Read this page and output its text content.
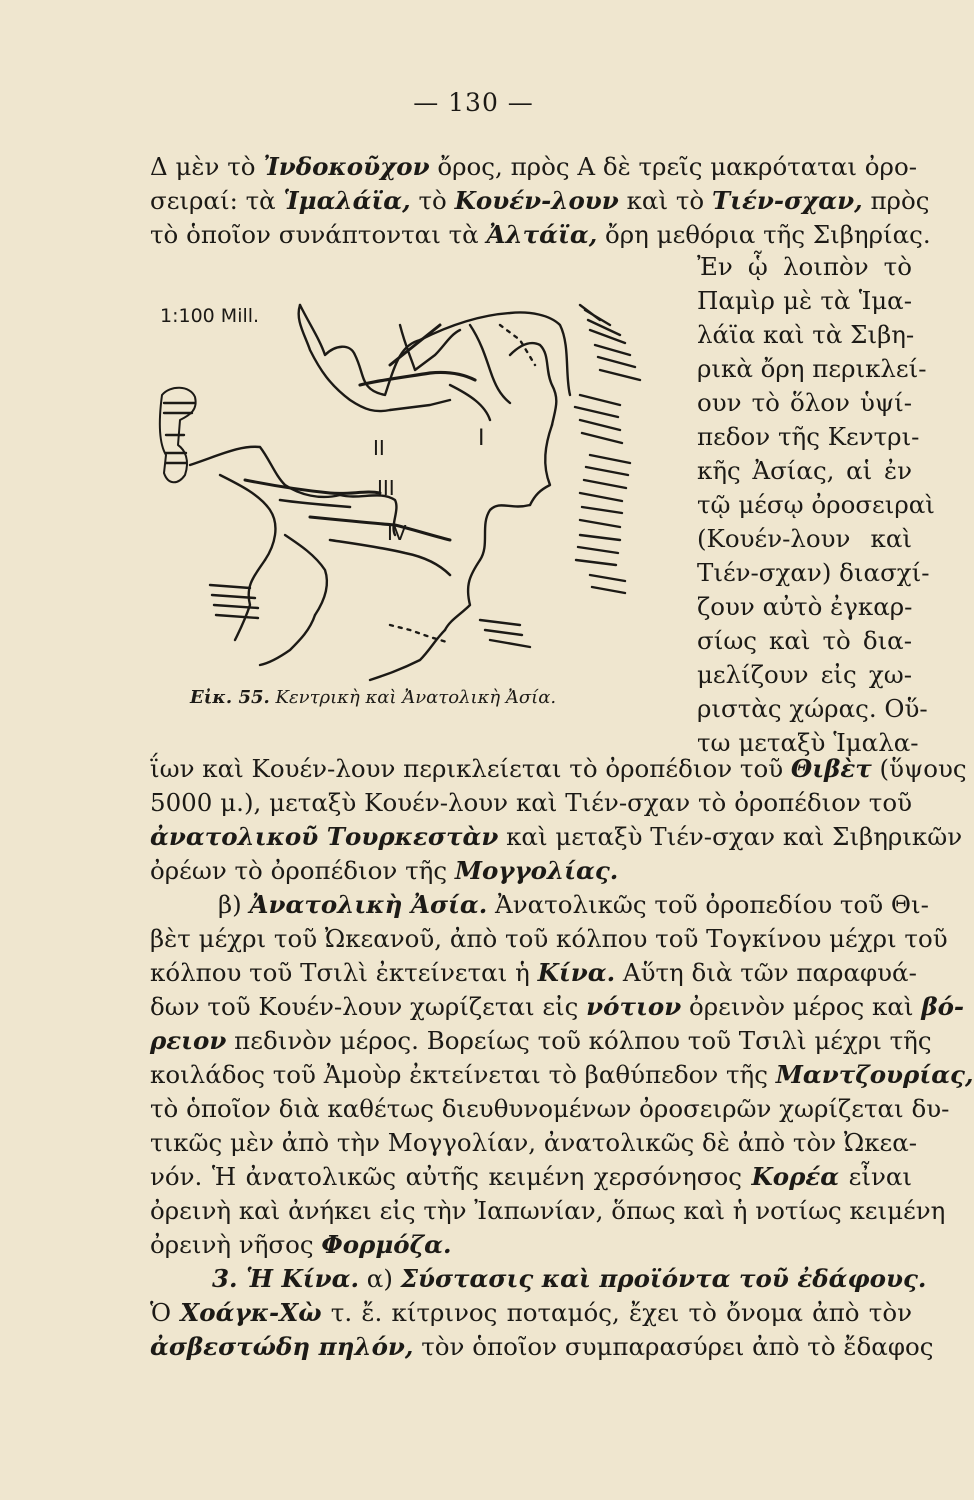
— 130 —
Δ μὲν τὸ Ἰνδοκοῦχον ὄρος, πρὸς Α δὲ τρεῖς μακρόταται ὀρο-
σειραί: τὰ Ἱμαλάϊα, τὸ Κουέν-λουν καὶ τὸ Τιέν-σχαν, πρὸς
τὸ ὁποῖον συνάπτονται τὰ Ἀλτάϊα, ὄρη μεθόρια τῆς Σιβηρίας.
Ἐν ᾧ λοιπὸν τὸ
Παμὶρ μὲ τὰ Ἱμα-
λάϊα καὶ τὰ Σιβη-
ρικὰ ὄρη περικλεί-
ουν τὸ ὅλον ὑψί-
πεδον τῆς Κεντρι-
κῆς Ἀσίας, αἱ ἐν
τῷ μέσῳ ὀροσειραὶ
(Κουέν-λουν καὶ
Τιέν-σχαν) διασχί-
ζουν αὐτὸ ἐγκαρ-
σίως καὶ τὸ δια-
μελίζουν εἰς χω-
ριστὰς χώρας. Οὕ-
τω μεταξὺ Ἱμαλα-
1:100 Mill.
I
II
III
IV
Εἰκ. 55. Κεντρικὴ καὶ Ἀνατολικὴ Ἀσία.
ΐων καὶ Κουέν-λουν περικλείεται τὸ ὀροπέδιον τοῦ Θιβὲτ (ὕψους
5000 μ.), μεταξὺ Κουέν-λουν καὶ Τιέν-σχαν τὸ ὀροπέδιον τοῦ
ἀνατολικοῦ Τουρκεστὰν καὶ μεταξὺ Τιέν-σχαν καὶ Σιβηρικῶν
ὀρέων τὸ ὀροπέδιον τῆς Μογγολίας.
β) Ἀνατολικὴ Ἀσία. Ἀνατολικῶς τοῦ ὀροπεδίου τοῦ Θι-
βὲτ μέχρι τοῦ Ὠκεανοῦ, ἀπὸ τοῦ κόλπου τοῦ Τογκίνου μέχρι τοῦ
κόλπου τοῦ Τσιλὶ ἐκτείνεται ἡ Κίνα. Αὕτη διὰ τῶν παραφυά-
δων τοῦ Κουέν-λουν χωρίζεται εἰς νότιον ὀρεινὸν μέρος καὶ βό-
ρειον πεδινὸν μέρος. Βορείως τοῦ κόλπου τοῦ Τσιλὶ μέχρι τῆς
κοιλάδος τοῦ Ἀμοὺρ ἐκτείνεται τὸ βαθύπεδον τῆς Μαντζουρίας,
τὸ ὁποῖον διὰ καθέτως διευθυνομένων ὀροσειρῶν χωρίζεται δυ-
τικῶς μὲν ἀπὸ τὴν Μογγολίαν, ἀνατολικῶς δὲ ἀπὸ τὸν Ὠκεα-
νόν. Ἡ ἀνατολικῶς αὐτῆς κειμένη χερσόνησος Κορέα εἶναι
ὀρεινὴ καὶ ἀνήκει εἰς τὴν Ἰαπωνίαν, ὅπως καὶ ἡ νοτίως κειμένη
ὀρεινὴ νῆσος Φορμόζα.
3. Ἡ Κίνα. α) Σύστασις καὶ προϊόντα τοῦ ἐδάφους.
Ὁ Χοάγκ-Χὼ τ. ἔ. κίτρινος ποταμός, ἔχει τὸ ὄνομα ἀπὸ τὸν
ἀσβεστώδη πηλόν, τὸν ὁποῖον συμπαρασύρει ἀπὸ τὸ ἔδαφος
